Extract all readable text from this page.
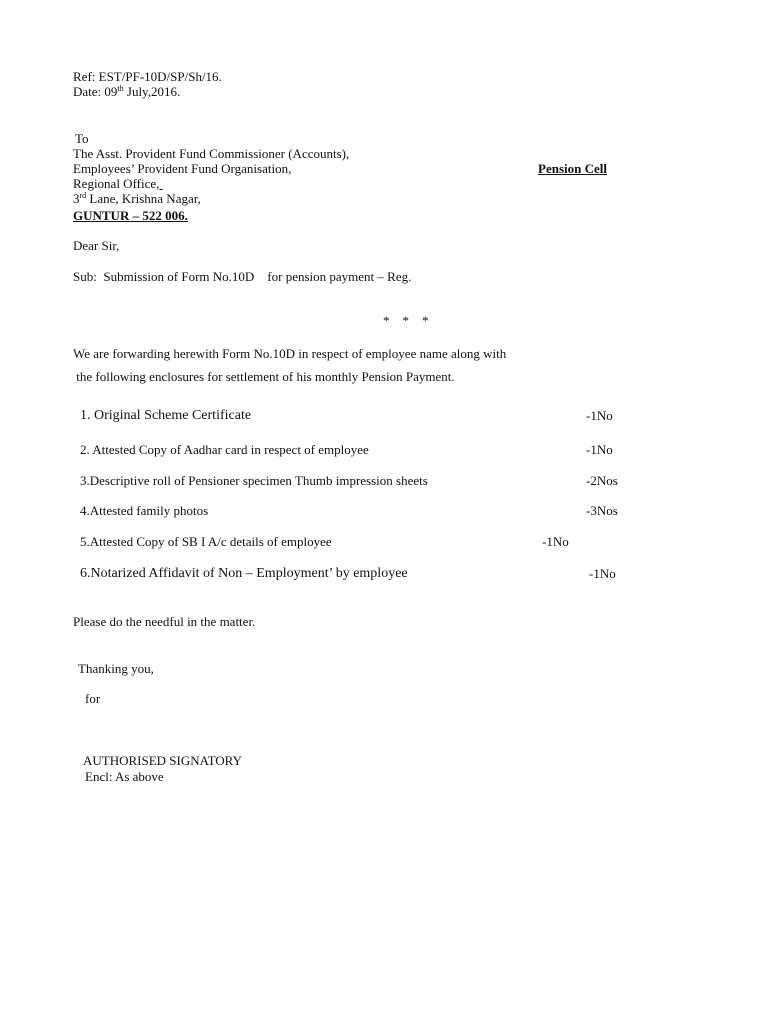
Ref: EST/PF-10D/SP/Sh/16.
Date: 09th July,2016.
To
The Asst. Provident Fund Commissioner (Accounts),
Employees’ Provident Fund Organisation,	Pension Cell
Regional Office,
3rd Lane, Krishna Nagar,
GUNTUR – 522 006.
Dear Sir,
Sub:  Submission of Form No.10D    for pension payment – Reg.
*    *    *
We are forwarding herewith Form No.10D in respect of employee name along with
the following enclosures for settlement of his monthly Pension Payment.
1. Original Scheme Certificate	-1No
2. Attested Copy of Aadhar card in respect of employee	-1No
3.Descriptive roll of Pensioner specimen Thumb impression sheets	-2Nos
4.Attested family photos	-3Nos
5.Attested Copy of SB I A/c details of employee	-1No
6.Notarized Affidavit of Non – Employment’ by employee	-1No
Please do the needful in the matter.
Thanking you,
for
AUTHORISED SIGNATORY
Encl: As above
